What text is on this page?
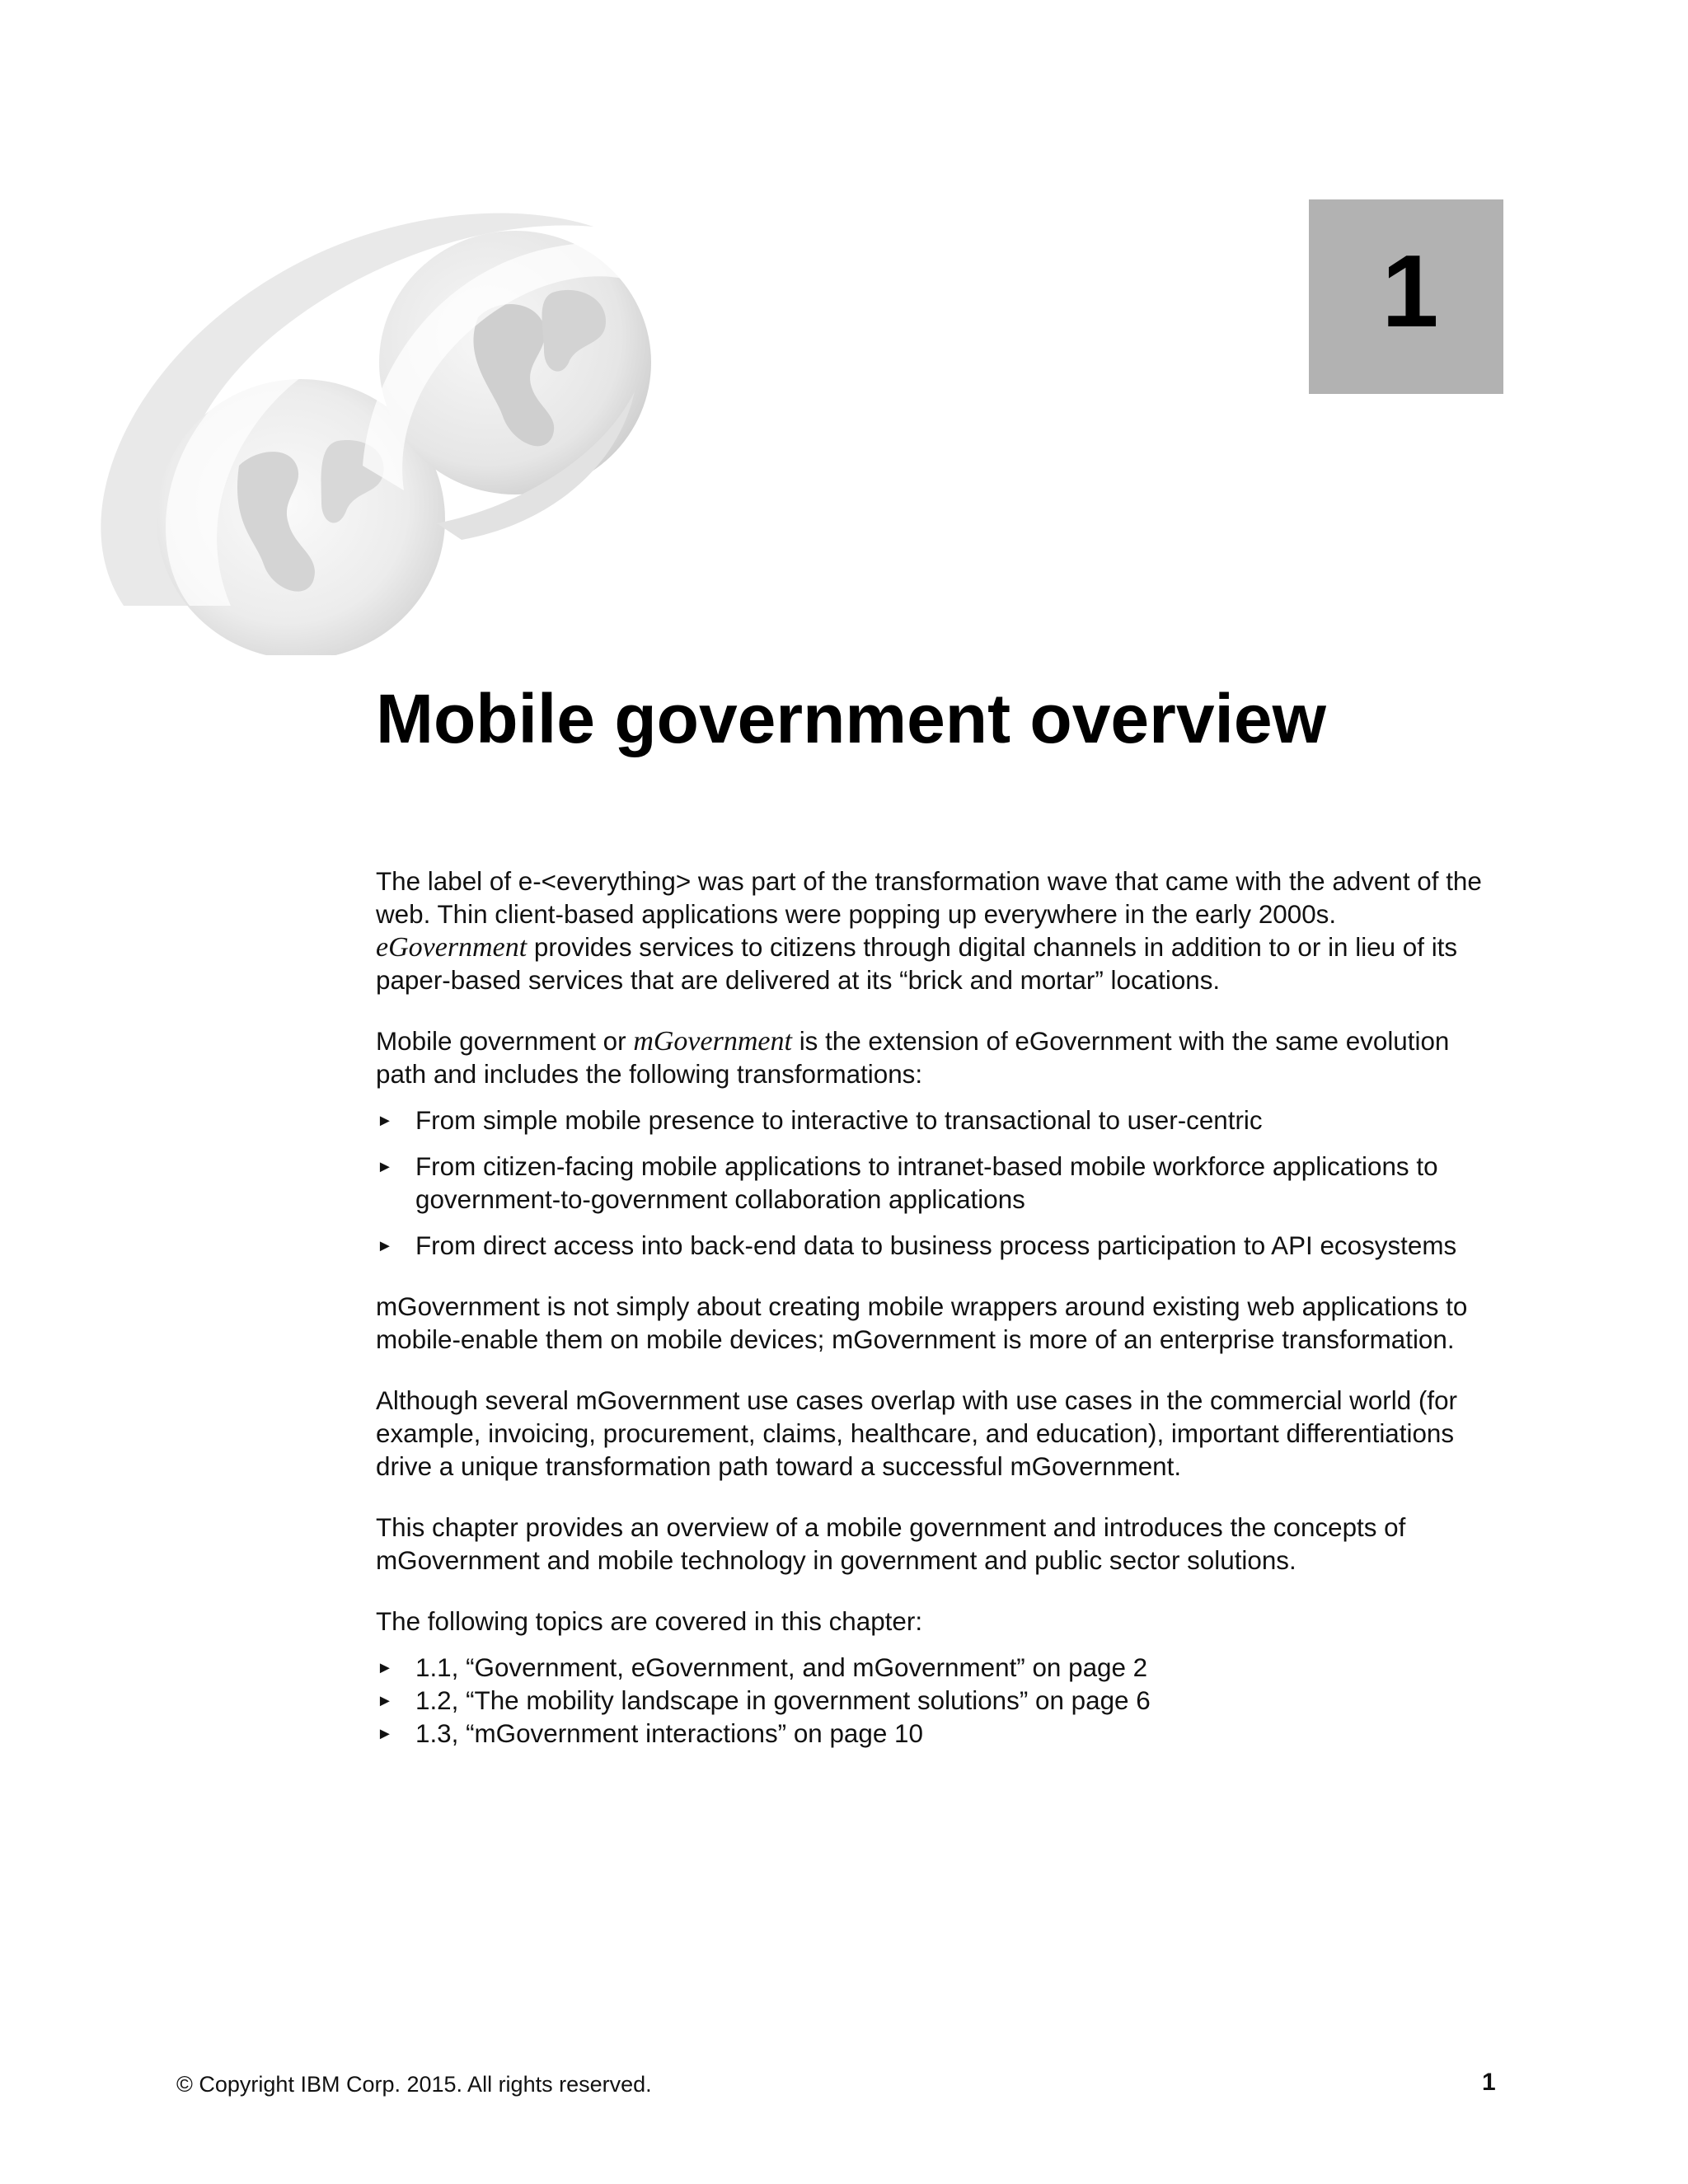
1
Mobile government overview

The label of e-<everything> was part of the transformation wave that came with the advent of the web. Thin client-based applications were popping up everywhere in the early 2000s.
eGovernment provides services to citizens through digital channels in addition to or in lieu of its paper-based services that are delivered at its “brick and mortar” locations.

Mobile government or mGovernment is the extension of eGovernment with the same evolution path and includes the following transformations:

► From simple mobile presence to interactive to transactional to user-centric
► From citizen-facing mobile applications to intranet-based mobile workforce applications to government-to-government collaboration applications
► From direct access into back-end data to business process participation to API ecosystems

mGovernment is not simply about creating mobile wrappers around existing web applications to mobile-enable them on mobile devices; mGovernment is more of an enterprise transformation.

Although several mGovernment use cases overlap with use cases in the commercial world (for example, invoicing, procurement, claims, healthcare, and education), important differentiations drive a unique transformation path toward a successful mGovernment.

This chapter provides an overview of a mobile government and introduces the concepts of mGovernment and mobile technology in government and public sector solutions.

The following topics are covered in this chapter:

► 1.1, “Government, eGovernment, and mGovernment” on page 2
► 1.2, “The mobility landscape in government solutions” on page 6
► 1.3, “mGovernment interactions” on page 10
© Copyright IBM Corp. 2015. All rights reserved.	1
